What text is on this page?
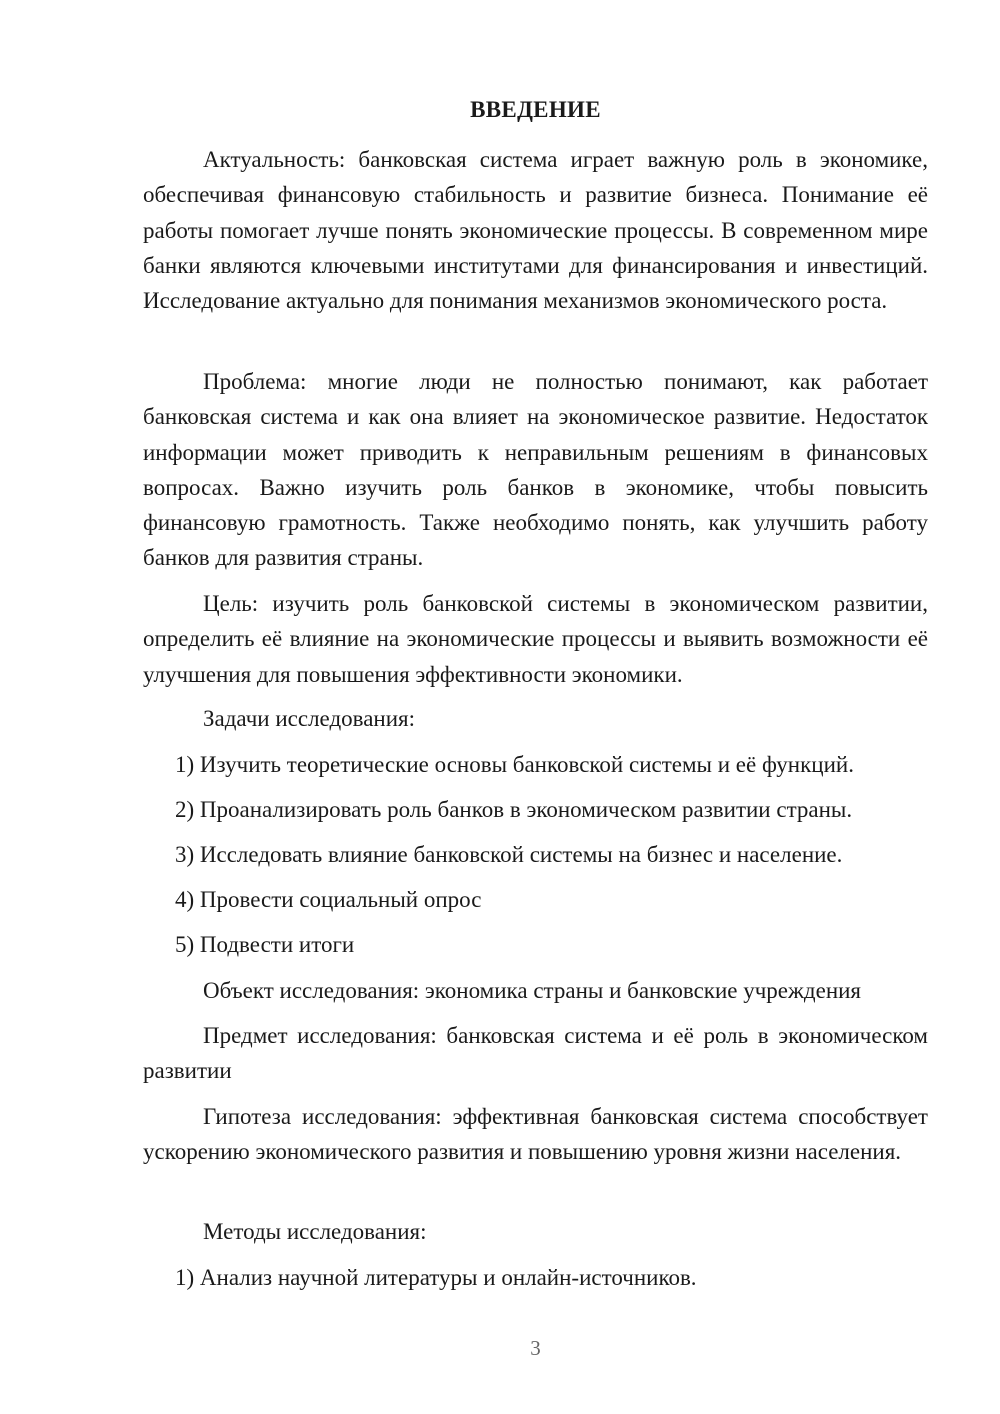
ВВЕДЕНИЕ

Актуальность: банковская система играет важную роль в экономике, обеспечивая финансовую стабильность и развитие бизнеса. Понимание её работы помогает лучше понять экономические процессы. В современном мире банки являются ключевыми институтами для финансирования и инвестиций. Исследование актуально для понимания механизмов экономического роста.

Проблема: многие люди не полностью понимают, как работает банковская система и как она влияет на экономическое развитие. Недостаток информации может приводить к неправильным решениям в финансовых вопросах. Важно изучить роль банков в экономике, чтобы повысить финансовую грамотность. Также необходимо понять, как улучшить работу банков для развития страны.

Цель: изучить роль банковской системы в экономическом развитии, определить её влияние на экономические процессы и выявить возможности её улучшения для повышения эффективности экономики.

Задачи исследования:
1) Изучить теоретические основы банковской системы и её функций.
2) Проанализировать роль банков в экономическом развитии страны.
3) Исследовать влияние банковской системы на бизнес и население.
4) Провести социальный опрос
5) Подвести итоги
Объект исследования: экономика страны и банковские учреждения

Предмет исследования: банковская система и её роль в экономическом развитии

Гипотеза исследования: эффективная банковская система способствует ускорению экономического развития и повышению уровня жизни населения.

Методы исследования:
1) Анализ научной литературы и онлайн-источников.
3
